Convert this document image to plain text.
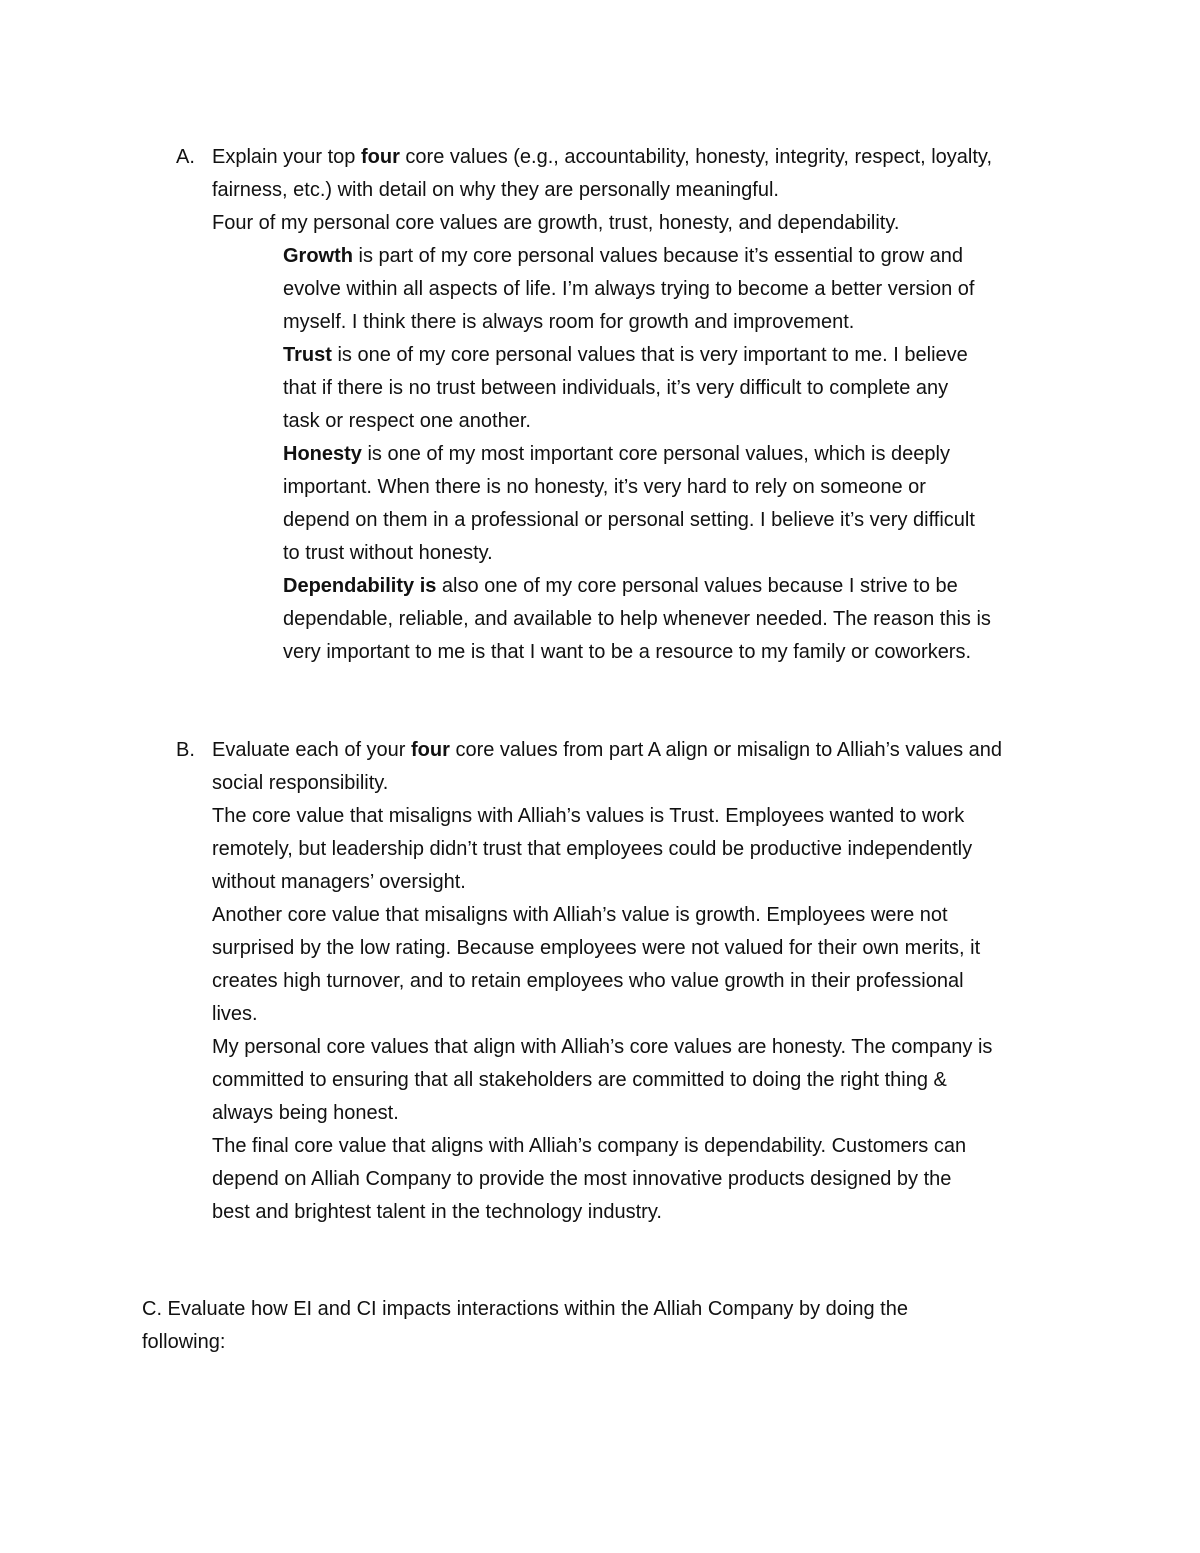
A. Explain your top four core values (e.g., accountability, honesty, integrity, respect, loyalty,
fairness, etc.) with detail on why they are personally meaningful.
Four of my personal core values are growth, trust, honesty, and dependability.
Growth is part of my core personal values because it’s essential to grow and
evolve within all aspects of life. I’m always trying to become a better version of
myself. I think there is always room for growth and improvement.
Trust is one of my core personal values that is very important to me. I believe
that if there is no trust between individuals, it’s very difficult to complete any
task or respect one another.
Honesty is one of my most important core personal values, which is deeply
important. When there is no honesty, it’s very hard to rely on someone or
depend on them in a professional or personal setting. I believe it’s very difficult
to trust without honesty.
Dependability is also one of my core personal values because I strive to be
dependable, reliable, and available to help whenever needed. The reason this is
very important to me is that I want to be a resource to my family or coworkers.
B. Evaluate each of your four core values from part A align or misalign to Alliah’s values and
social responsibility.
The core value that misaligns with Alliah’s values is Trust. Employees wanted to work
remotely, but leadership didn’t trust that employees could be productive independently
without managers’ oversight.
Another core value that misaligns with Alliah’s value is growth. Employees were not
surprised by the low rating. Because employees were not valued for their own merits, it
creates high turnover, and to retain employees who value growth in their professional
lives.
My personal core values that align with Alliah’s core values are honesty. The company is
committed to ensuring that all stakeholders are committed to doing the right thing &
always being honest.
The final core value that aligns with Alliah’s company is dependability. Customers can
depend on Alliah Company to provide the most innovative products designed by the
best and brightest talent in the technology industry.
C. Evaluate how EI and CI impacts interactions within the Alliah Company by doing the
following:
